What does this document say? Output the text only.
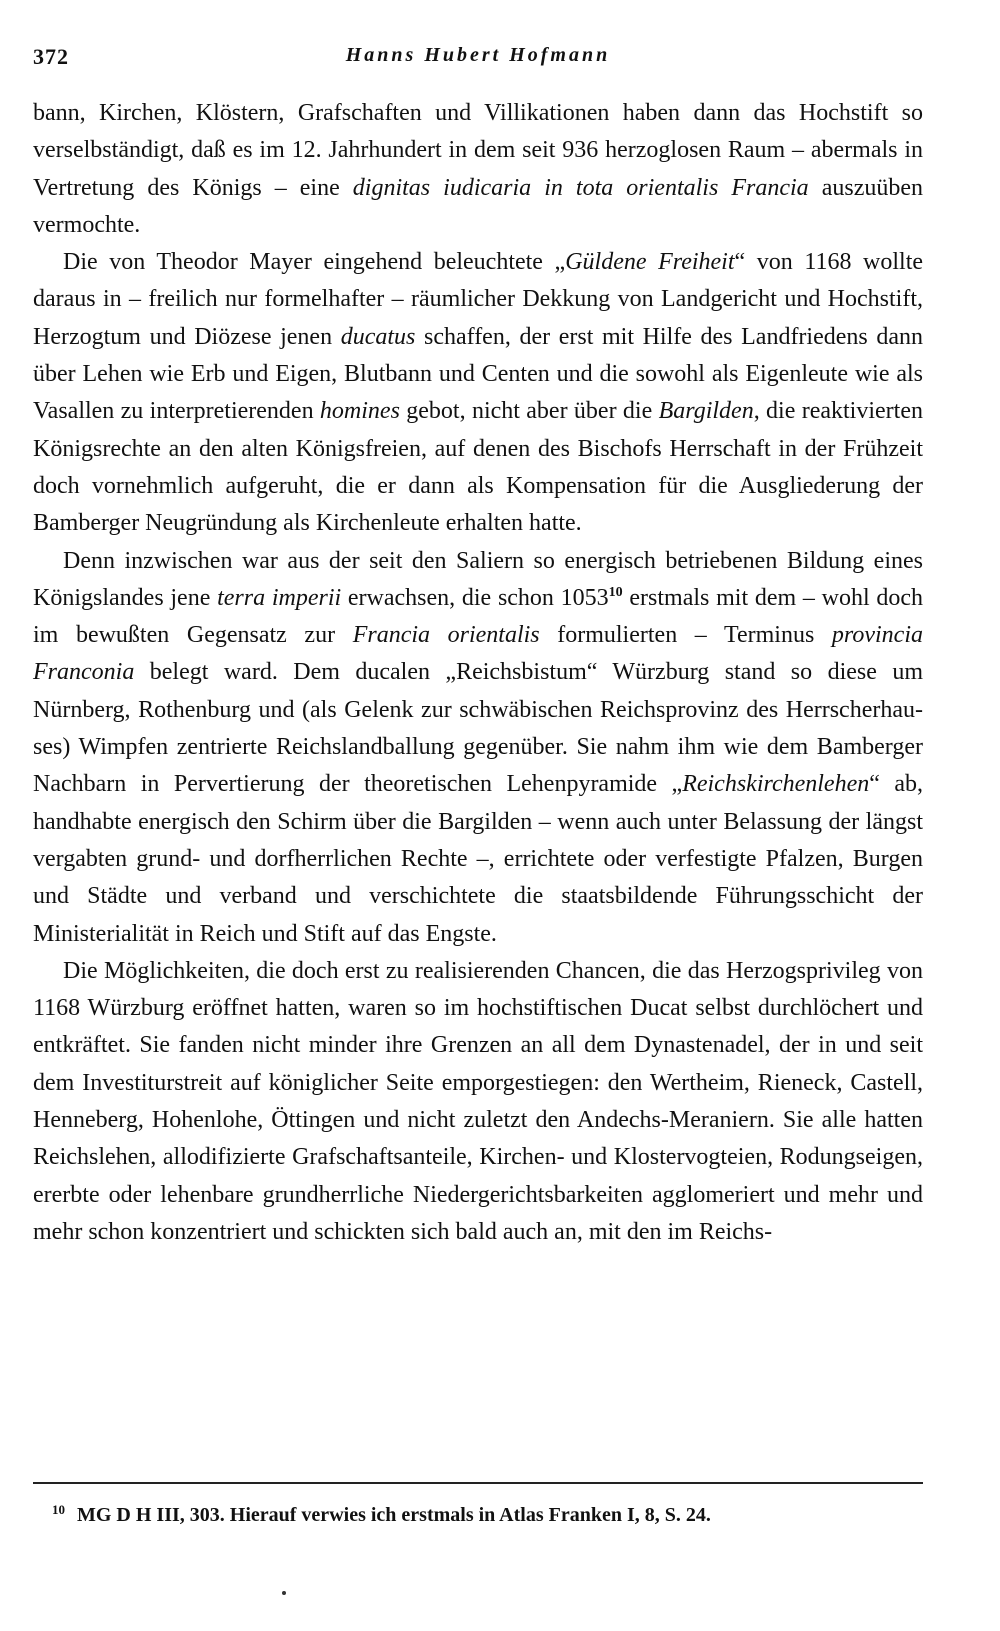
372	Hanns Hubert Hofmann

bann, Kirchen, Klöstern, Grafschaften und Villikationen haben dann das Hochstift so verselbständigt, daß es im 12. Jahrhundert in dem seit 936 herzoglosen Raum – abermals in Vertretung des Königs – eine dignitas iudicaria in tota orientalis Francia auszuüben vermochte.

Die von Theodor Mayer eingehend beleuchtete „Güldene Freiheit“ von 1168 wollte daraus in – freilich nur formelhafter – räumlicher Dekkung von Landgericht und Hochstift, Herzogtum und Diözese jenen ducatus schaffen, der erst mit Hilfe des Landfriedens dann über Lehen wie Erb und Eigen, Blutbann und Centen und die sowohl als Eigenleute wie als Vasallen zu interpretierenden homines gebot, nicht aber über die Bargilden, die reaktivierten Königsrechte an den alten Königsfreien, auf denen des Bischofs Herrschaft in der Frühzeit doch vornehmlich aufgeruht, die er dann als Kompensation für die Ausgliederung der Bamberger Neugründung als Kirchenleute erhalten hatte.

Denn inzwischen war aus der seit den Saliern so energisch betriebenen Bildung eines Königslandes jene terra imperii erwachsen, die schon 1053$^{10}$ erstmals mit dem – wohl doch im bewußten Gegensatz zur Francia orientalis formulierten – Terminus provincia Franconia belegt ward. Dem ducalen „Reichsbistum“ Würzburg stand so diese um Nürnberg, Rothenburg und (als Gelenk zur schwäbischen Reichsprovinz des Herrscherhauses) Wimpfen zentrierte Reichslandballung gegenüber. Sie nahm ihm wie dem Bamberger Nachbarn in Pervertierung der theoretischen Lehenpyramide „Reichskirchenlehen“ ab, handhabte energisch den Schirm über die Bargilden – wenn auch unter Belassung der längst vergabten grund- und dorfherrlichen Rechte –, errichtete oder verfestigte Pfalzen, Burgen und Städte und verband und verschichtete die staatsbildende Führungsschicht der Ministerialität in Reich und Stift auf das Engste.

Die Möglichkeiten, die doch erst zu realisierenden Chancen, die das Herzogsprivileg von 1168 Würzburg eröffnet hatten, waren so im hochstiftischen Ducat selbst durchlöchert und entkräftet. Sie fanden nicht minder ihre Grenzen an all dem Dynastenadel, der in und seit dem Investiturstreit auf königlicher Seite emporgestiegen: den Wertheim, Rieneck, Castell, Henneberg, Hohenlohe, Öttingen und nicht zuletzt den Andechs-Meraniern. Sie alle hatten Reichslehen, allodifizierte Grafschaftsanteile, Kirchen- und Klostervogteien, Rodungseigen, ererbte oder lehenbare grundherrliche Niedergerichtsbarkeiten agglomeriert und mehr und mehr schon konzentriert und schickten sich bald auch an, mit den im Reichs-

$^{10}$ MG D H III, 303. Hierauf verwies ich erstmals in Atlas Franken I, 8, S. 24.
